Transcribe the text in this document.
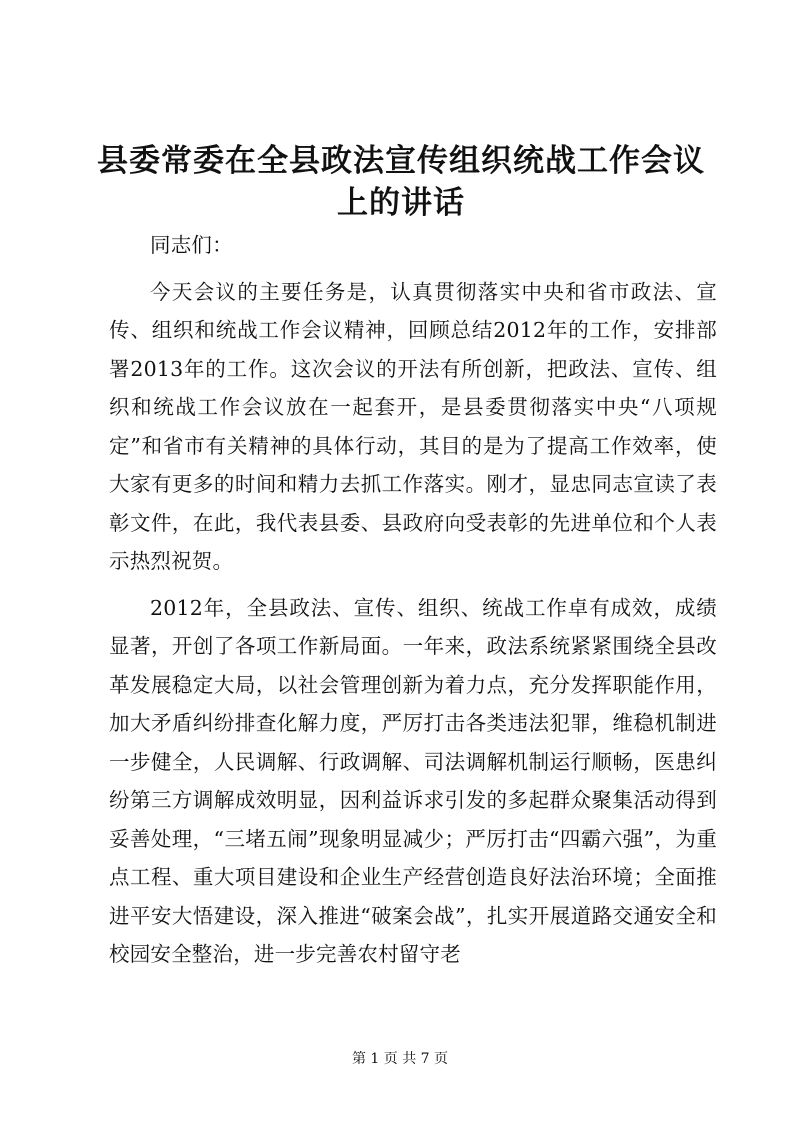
县委常委在全县政法宣传组织统战工作会议上的讲话

同志们：

今天会议的主要任务是，认真贯彻落实中央和省市政法、宣传、组织和统战工作会议精神，回顾总结2012年的工作，安排部署2013年的工作。这次会议的开法有所创新，把政法、宣传、组织和统战工作会议放在一起套开，是县委贯彻落实中央“八项规定”和省市有关精神的具体行动，其目的是为了提高工作效率，使大家有更多的时间和精力去抓工作落实。刚才，显忠同志宣读了表彰文件，在此，我代表县委、县政府向受表彰的先进单位和个人表示热烈祝贺。

2012年，全县政法、宣传、组织、统战工作卓有成效，成绩显著，开创了各项工作新局面。一年来，政法系统紧紧围绕全县改革发展稳定大局，以社会管理创新为着力点，充分发挥职能作用，加大矛盾纠纷排查化解力度，严厉打击各类违法犯罪，维稳机制进一步健全，人民调解、行政调解、司法调解机制运行顺畅，医患纠纷第三方调解成效明显，因利益诉求引发的多起群众聚集活动得到妥善处理，“三堵五闹”现象明显减少；严厉打击“四霸六强”，为重点工程、重大项目建设和企业生产经营创造良好法治环境；全面推进平安大悟建设，深入推进“破案会战”，扎实开展道路交通安全和校园安全整治，进一步完善农村留守老

第 1 页 共 7 页
